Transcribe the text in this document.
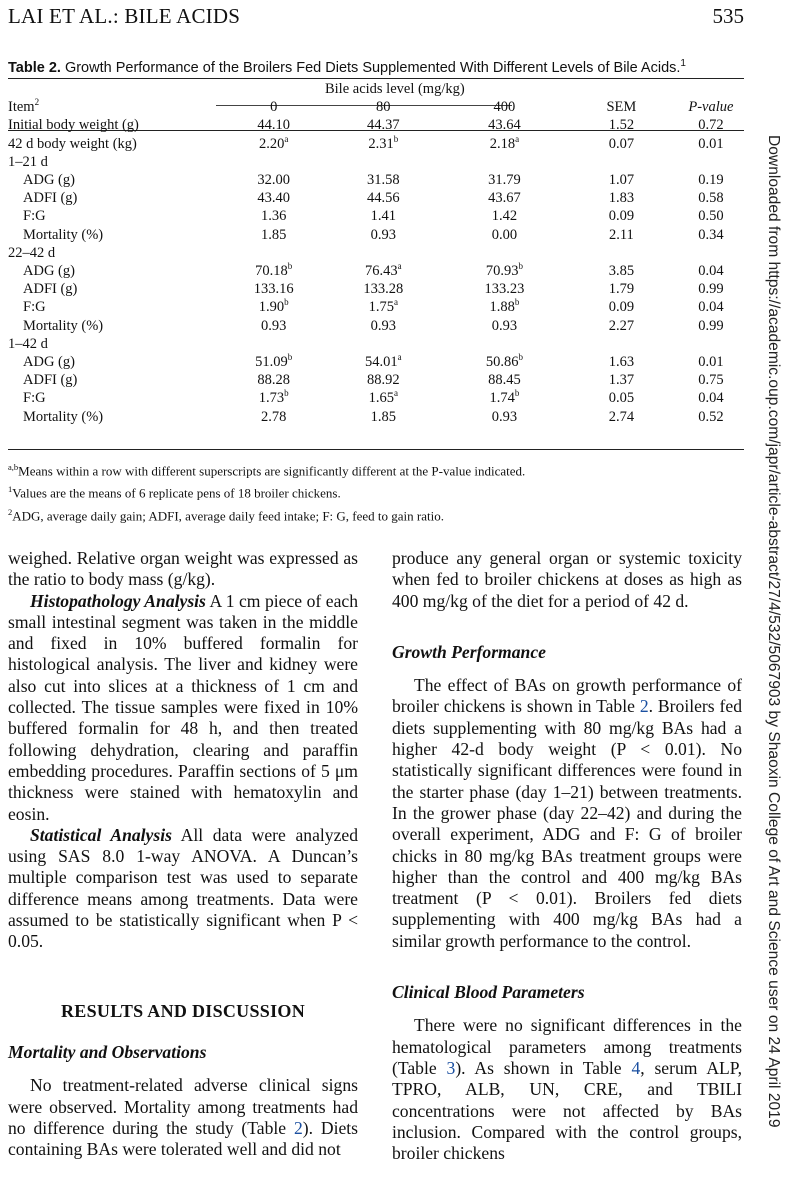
LAI ET AL.: BILE ACIDS	535
Table 2. Growth Performance of the Broilers Fed Diets Supplemented With Different Levels of Bile Acids.$^1$
	Bile acids level (mg/kg)				
Item$^2$	0	80	400	SEM	P-value
Initial body weight (g)	44.10	44.37	43.64	1.52	0.72
42 d body weight (kg)	2.20$^a$	2.31$^b$	2.18$^a$	0.07	0.01
1–21 d					
ADG (g)	32.00	31.58	31.79	1.07	0.19
ADFI (g)	43.40	44.56	43.67	1.83	0.58
F:G	1.36	1.41	1.42	0.09	0.50
Mortality (%)	1.85	0.93	0.00	2.11	0.34
22–42 d					
ADG (g)	70.18$^b$	76.43$^a$	70.93$^b$	3.85	0.04
ADFI (g)	133.16	133.28	133.23	1.79	0.99
F:G	1.90$^b$	1.75$^a$	1.88$^b$	0.09	0.04
Mortality (%)	0.93	0.93	0.93	2.27	0.99
1–42 d					
ADG (g)	51.09$^b$	54.01$^a$	50.86$^b$	1.63	0.01
ADFI (g)	88.28	88.92	88.45	1.37	0.75
F:G	1.73$^b$	1.65$^a$	1.74$^b$	0.05	0.04
Mortality (%)	2.78	1.85	0.93	2.74	0.52

$^{a,b}$Means within a row with different superscripts are significantly different at the P-value indicated.

$^1$Values are the means of 6 replicate pens of 18 broiler chickens.

$^2$ADG, average daily gain; ADFI, average daily feed intake; F: G, feed to gain ratio.

weighed. Relative organ weight was expressed as the ratio to body mass (g/kg).

Histopathology Analysis A 1 cm piece of each small intestinal segment was taken in the middle and fixed in 10% buffered formalin for histological analysis. The liver and kidney were also cut into slices at a thickness of 1 cm and collected. The tissue samples were fixed in 10% buffered formalin for 48 h, and then treated following dehydration, clearing and paraffin embedding procedures. Paraffin sections of 5 μm thickness were stained with hematoxylin and eosin.

Statistical Analysis All data were analyzed using SAS 8.0 1-way ANOVA. A Duncan’s multiple comparison test was used to separate difference means among treatments. Data were assumed to be statistically significant when P < 0.05.

RESULTS AND DISCUSSION
Mortality and Observations

No treatment-related adverse clinical signs were observed. Mortality among treatments had no difference during the study (Table 2). Diets containing BAs were tolerated well and did not

produce any general organ or systemic toxicity when fed to broiler chickens at doses as high as 400 mg/kg of the diet for a period of 42 d.

Growth Performance

The effect of BAs on growth performance of broiler chickens is shown in Table 2. Broilers fed diets supplementing with 80 mg/kg BAs had a higher 42-d body weight (P < 0.01). No statistically significant differences were found in the starter phase (day 1–21) between treatments. In the grower phase (day 22–42) and during the overall experiment, ADG and F: G of broiler chicks in 80 mg/kg BAs treatment groups were higher than the control and 400 mg/kg BAs treatment (P < 0.01). Broilers fed diets supplementing with 400 mg/kg BAs had a similar growth performance to the control.

Clinical Blood Parameters

There were no significant differences in the hematological parameters among treatments (Table 3). As shown in Table 4, serum ALP, TPRO, ALB, UN, CRE, and TBILI concentrations were not affected by BAs inclusion. Compared with the control groups, broiler chickens

Downloaded from https://academic.oup.com/japr/article-abstract/27/4/532/5067903 by Shaoxin College of Art and Science user on 24 April 2019
